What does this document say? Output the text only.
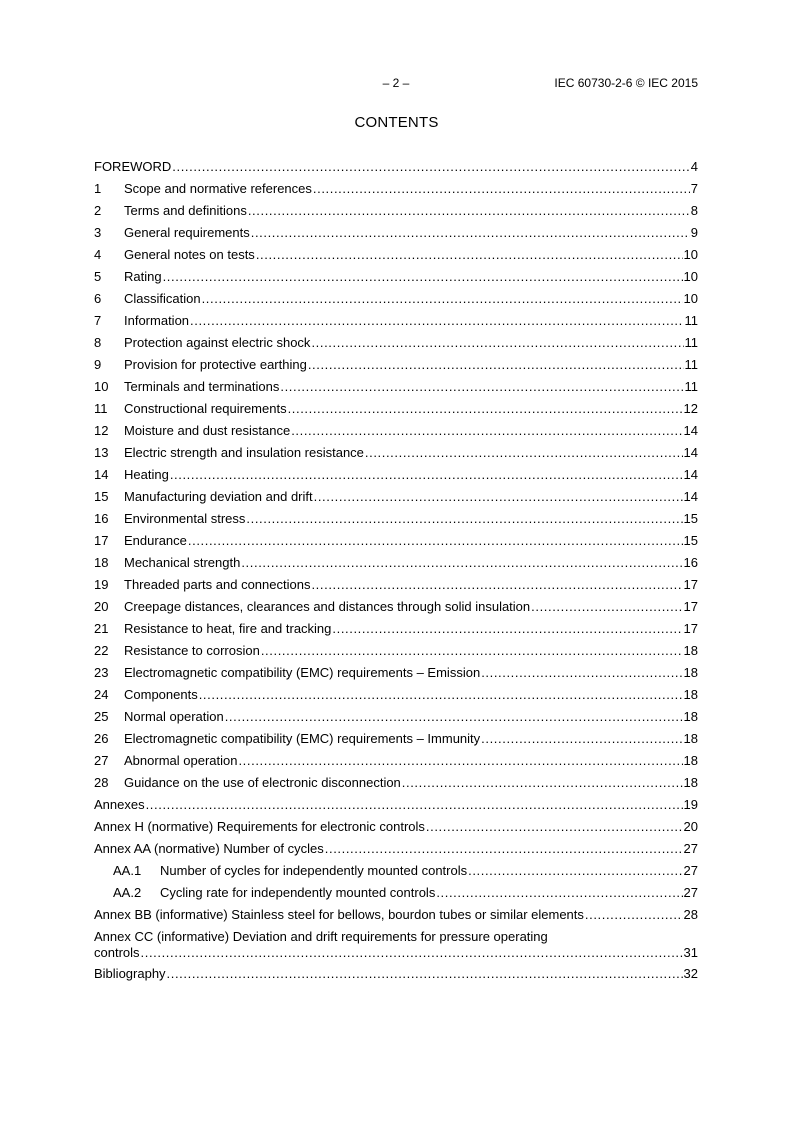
– 2 –	IEC 60730-2-6 © IEC 2015
CONTENTS
FOREWORD .....	4
1	Scope and normative references .....	7
2	Terms and definitions .....	8
3	General requirements .....	9
4	General notes on tests .....	10
5	Rating .....	10
6	Classification .....	10
7	Information .....	11
8	Protection against electric shock .....	11
9	Provision for protective earthing .....	11
10	Terminals and terminations .....	11
11	Constructional requirements .....	12
12	Moisture and dust resistance .....	14
13	Electric strength and insulation resistance .....	14
14	Heating .....	14
15	Manufacturing deviation and drift .....	14
16	Environmental stress .....	15
17	Endurance .....	15
18	Mechanical strength .....	16
19	Threaded parts and connections .....	17
20	Creepage distances, clearances and distances through solid insulation .....	17
21	Resistance to heat, fire and tracking .....	17
22	Resistance to corrosion .....	18
23	Electromagnetic compatibility (EMC) requirements – Emission .....	18
24	Components .....	18
25	Normal operation .....	18
26	Electromagnetic compatibility (EMC) requirements – Immunity .....	18
27	Abnormal operation .....	18
28	Guidance on the use of electronic disconnection .....	18
Annexes .....	19
Annex H (normative) Requirements for electronic controls .....	20
Annex AA (normative) Number of cycles .....	27
AA.1	Number of cycles for independently mounted controls .....	27
AA.2	Cycling rate for independently mounted controls .....	27
Annex BB (informative) Stainless steel for bellows, bourdon tubes or similar elements .....	28
Annex CC (informative) Deviation and drift requirements for pressure operating
controls .....	31
Bibliography .....	32
